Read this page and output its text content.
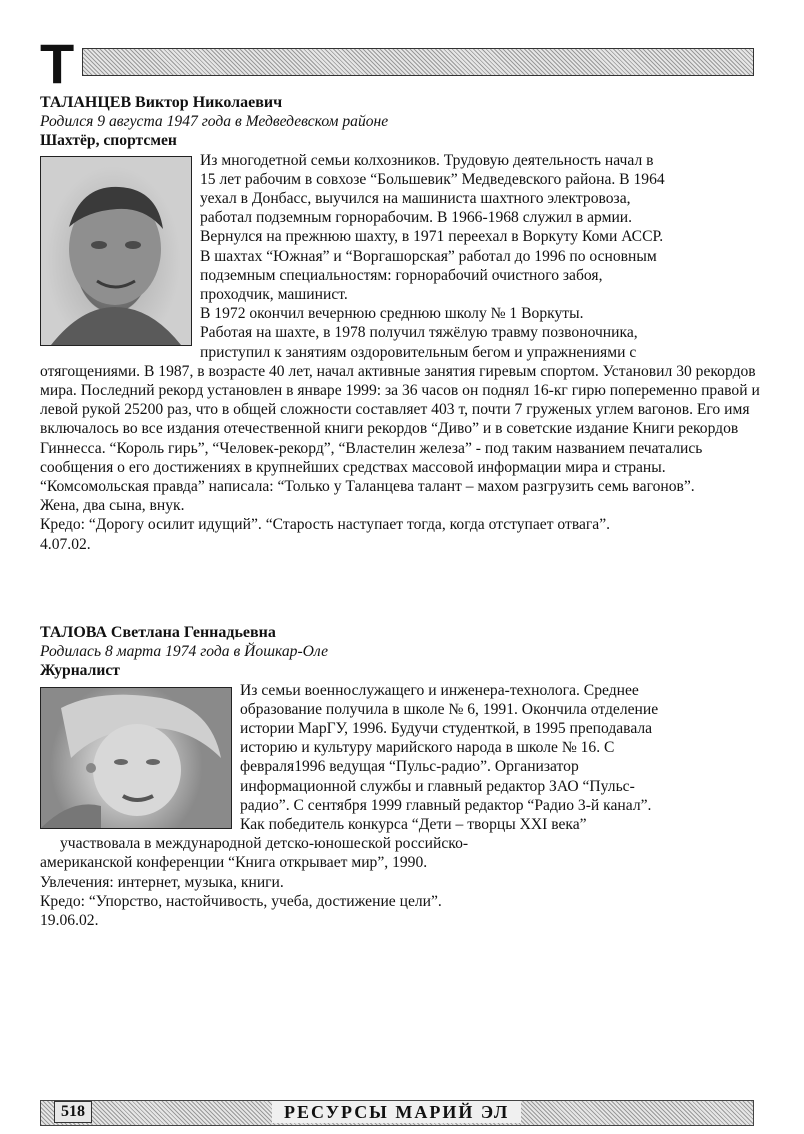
Т
ТАЛАНЦЕВ Виктор Николаевич
Родился 9 августа 1947 года в Медведевском районе
Шахтёр, спортсмен

Из многодетной семьи колхозников. Трудовую деятельность начал в

15 лет рабочим в совхозе “Большевик” Медведевского района. В 1964

уехал в Донбасс, выучился на машиниста шахтного электровоза,

работал подземным горнорабочим. В 1966-1968 служил в армии.

Вернулся на прежнюю шахту, в 1971 переехал в Воркуту Коми АССР.

В шахтах “Южная” и “Воргашорская” работал до 1996 по основным

подземным специальностям: горнорабочий очистного забоя,

проходчик, машинист.

В 1972 окончил вечернюю среднюю школу № 1 Воркуты.

Работая на шахте, в 1978 получил тяжёлую травму позвоночника,

приступил к занятиям оздоровительным бегом и упражнениями с

отягощениями. В 1987, в возрасте 40 лет, начал активные занятия гиревым спортом. Установил 30 рекордов мира. Последний рекорд установлен в январе 1999: за 36 часов он поднял 16-кг гирю попеременно правой и левой рукой 25200 раз, что в общей сложности составляет 403 т, почти 7 груженых углем вагонов. Его имя включалось во все издания отечественной книги рекордов “Диво” и в советские издание Книги рекордов Гиннесса. “Король гирь”, “Человек-рекорд”, “Властелин железа” - под таким названием печатались сообщения о его достижениях в крупнейших средствах массовой информации мира и страны. “Комсомольская правда” написала: “Только у Таланцева талант – махом разгрузить семь вагонов”.
Жена, два сына, внук.
Кредо: “Дорогу осилит идущий”. “Старость наступает тогда, когда отступает отвага”.
4.07.02.
ТАЛОВА Светлана Геннадьевна
Родилась 8 марта 1974 года в Йошкар-Оле
Журналист

Из семьи военнослужащего и инженера-технолога. Среднее

образование получила в школе № 6, 1991. Окончила отделение

истории МарГУ, 1996. Будучи студенткой, в 1995 преподавала

историю и культуру марийского народа в школе № 16. С

февраля1996 ведущая “Пульс-радио”. Организатор

информационной службы и главный редактор ЗАО “Пульс-

радио”. С сентября 1999 главный редактор “Радио 3-й канал”.

Как победитель конкурса “Дети – творцы XXI века”

участвовала в международной детско-юношеской российско-

американской конференции “Книга открывает мир”, 1990.
Увлечения: интернет, музыка, книги.
Кредо: “Упорство, настойчивость, учеба, достижение цели”.
19.06.02.
518	РЕСУРСЫ МАРИЙ ЭЛ
